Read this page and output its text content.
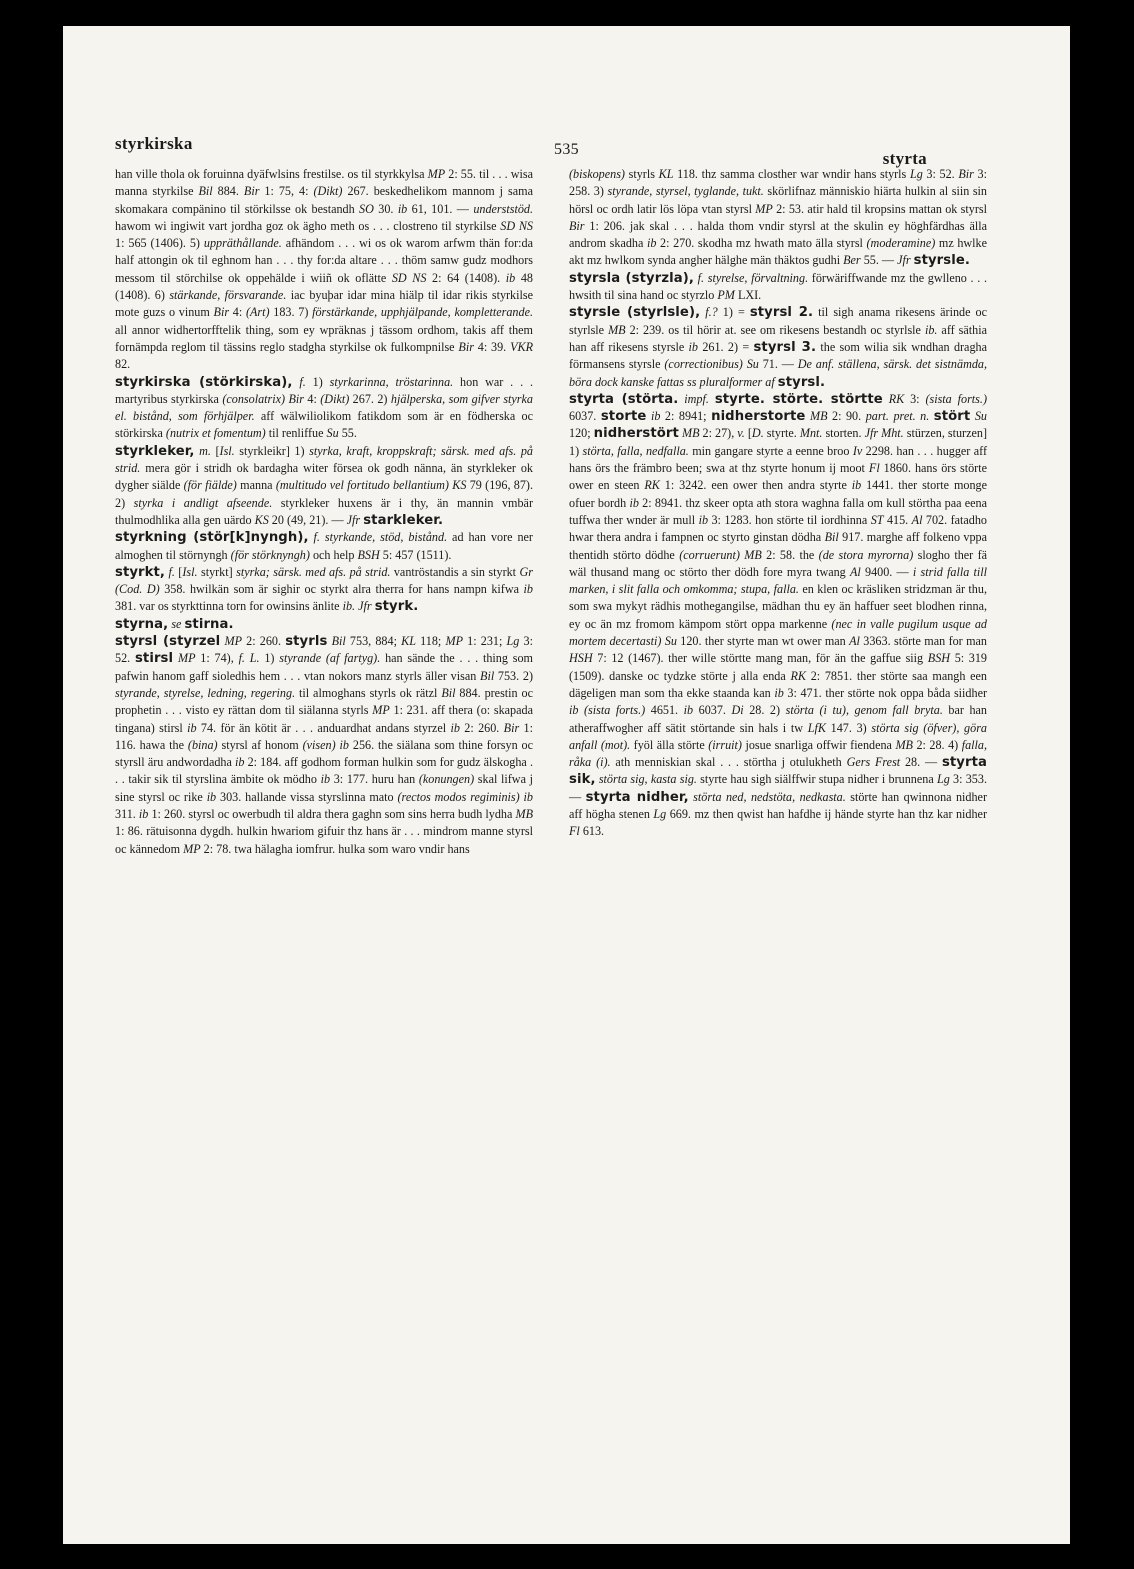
styrkirska	535	styrta

han ville thola ok foruinna dyäfwlsins frestilse. os til styrkkylsa MP 2: 55. til . . . wisa manna styrkilse Bil 884. Bir 1: 75, 4: (Dikt) 267. beskedhelikom mannom j sama skomakara compänino til störkilsse ok bestandh SO 30. ib 61, 101. — underststöd. hawom wi ingiwit vart jordha goz ok ägho meth os . . . clostreno til styrkilse SD NS 1: 565 (1406). 5) uppräthållande. afhändom . . . wi os ok warom arfwm thän for:da half attongin ok til eghnom han . . . thy for:da altare . . . thöm samw gudz modhors messom til störchilse ok oppehälde i wiiñ ok oflätte SD NS 2: 64 (1408). ib 48 (1408). 6) stärkande, försvarande. iac byuþar idar mina hiälp til idar rikis styrkilse mote guzs o vinum Bir 4: (Art) 183. 7) förstärkande, upphjälpande, kompletterande. all annor widhertorfftelik thing, som ey wpräknas j tässom ordhom, takis aff them fornämpda reglom til tässins reglo stadgha styrkilse ok fulkompnilse Bir 4: 39. VKR 82.

styrkirska (störkirska), f. 1) styrkarinna, tröstarinna. hon war . . . martyribus styrkirska (consolatrix) Bir 4: (Dikt) 267. 2) hjälperska, som gifver styrka el. bistånd, som förhjälper. aff wälwiliolikom fatikdom som är en födherska oc störkirska (nutrix et fomentum) til renliffue Su 55.

styrkleker, m. [Isl. styrkleikr] 1) styrka, kraft, kroppskraft; särsk. med afs. på strid. mera gör i stridh ok bardagha witer försea ok godh nänna, än styrkleker ok dygher siälde (för fiälde) manna (multitudo vel fortitudo bellantium) KS 79 (196, 87). 2) styrka i andligt afseende. styrkleker huxens är i thy, än mannin vmbär thulmodhlika alla gen uärdo KS 20 (49, 21). — Jfr starkleker.

styrkning (stör[k]nyngh), f. styrkande, stöd, bistånd. ad han vore ner almoghen til störnyngh (för störknyngh) och help BSH 5: 457 (1511).

styrkt, f. [Isl. styrkt] styrka; särsk. med afs. på strid. vantröstandis a sin styrkt Gr (Cod. D) 358. hwilkän som är sighir oc styrkt alra therra for hans nampn kifwa ib 381. var os styrkttinna torn for owinsins änlite ib. Jfr styrk.

styrna, se stirna.

styrsl (styrzel MP 2: 260. styrls Bil 753, 884; KL 118; MP 1: 231; Lg 3: 52. stirsl MP 1: 74), f. L. 1) styrande (af fartyg). han sände the . . . thing som pafwin hanom gaff sioledhis hem . . . vtan nokors manz styrls äller visan Bil 753. 2) styrande, styrelse, ledning, regering. til almoghans styrls ok rätzl Bil 884. prestin oc prophetin . . . visto ey rättan dom til siälanna styrls MP 1: 231. aff thera (o: skapada tingana) stirsl ib 74. för än kötit är . . . anduardhat andans styrzel ib 2: 260. Bir 1: 116. hawa the (bina) styrsl af honom (visen) ib 256. the siälana som thine forsyn oc styrsll äru andwordadha ib 2: 184. aff godhom forman hulkin som for gudz älskogha . . . takir sik til styrslina ämbite ok mödho ib 3: 177. huru han (konungen) skal lifwa j sine styrsl oc rike ib 303. hallande vissa styrslinna mato (rectos modos regiminis) ib 311. ib 1: 260. styrsl oc owerbudh til aldra thera gaghn som sins herra budh lydha MB 1: 86. rätuisonna dygdh. hulkin hwariom gifuir thz hans är . . . mindrom manne styrsl oc kännedom MP 2: 78. twa hälagha iomfrur. hulka som waro vndir hans

(biskopens) styrls KL 118. thz samma closther war wndir hans styrls Lg 3: 52. Bir 3: 258. 3) styrande, styrsel, tyglande, tukt. skörlifnaz människio hiärta hulkin al siin sin hörsl oc ordh latir lös löpa vtan styrsl MP 2: 53. atir hald til kropsins mattan ok styrsl Bir 1: 206. jak skal . . . halda thom vndir styrsl at the skulin ey höghfärdhas älla androm skadha ib 2: 270. skodha mz hwath mato älla styrsl (moderamine) mz hwlke akt mz hwlkom synda angher hälghe män thäktos gudhi Ber 55. — Jfr styrsle.

styrsla (styrzla), f. styrelse, förvaltning. förwäriffwande mz the gwlleno . . . hwsith til sina hand oc styrzlo PM LXI.

styrsle (styrlsle), f.? 1) = styrsl 2. til sigh anama rikesens ärinde oc styrlsle MB 2: 239. os til hörir at. see om rikesens bestandh oc styrlsle ib. aff säthia han aff rikesens styrsle ib 261. 2) = styrsl 3. the som wilia sik wndhan dragha förmansens styrsle (correctionibus) Su 71. — De anf. ställena, särsk. det sistnämda, böra dock kanske fattas ss pluralformer af styrsl.

styrta (störta. impf. styrte. störte. störtte RK 3: (sista forts.) 6037. storte ib 2: 8941; nidherstorte MB 2: 90. part. pret. n. stört Su 120; nidherstört MB 2: 27), v. [D. styrte. Mnt. storten. Jfr Mht. stürzen, sturzen] 1) störta, falla, nedfalla. min gangare styrte a eenne broo Iv 2298. han . . . hugger aff hans örs the främbro been; swa at thz styrte honum ij moot Fl 1860. hans örs störte ower en steen RK 1: 3242. een ower then andra styrte ib 1441. ther storte monge ofuer bordh ib 2: 8941. thz skeer opta ath stora waghna falla om kull störtha paa eena tuffwa ther wnder är mull ib 3: 1283. hon störte til iordhinna ST 415. Al 702. fatadho hwar thera andra i fampnen oc styrto ginstan dödha Bil 917. marghe aff folkeno vppa thentidh störto dödhe (corruerunt) MB 2: 58. the (de stora myrorna) slogho ther fä wäl thusand mang oc störto ther dödh fore myra twang Al 9400. — i strid falla till marken, i slit falla och omkomma; stupa, falla. en klen oc kräsliken stridzman är thu, som swa mykyt rädhis mothegangilse, mädhan thu ey än haffuer seet blodhen rinna, ey oc än mz fromom kämpom stört oppa markenne (nec in valle pugilum usque ad mortem decertasti) Su 120. ther styrte man wt ower man Al 3363. störte man for man HSH 7: 12 (1467). ther wille störtte mang man, för än the gaffue siig BSH 5: 319 (1509). danske oc tydzke störte j alla enda RK 2: 7851. ther störte saa mangh een dägeligen man som tha ekke staanda kan ib 3: 471. ther störte nok oppa båda siidher ib (sista forts.) 4651. ib 6037. Di 28. 2) störta (i tu), genom fall bryta. bar han atheraffwogher aff sätit störtande sin hals i tw LfK 147. 3) störta sig (öfver), göra anfall (mot). fyöl älla störte (irruit) josue snarliga offwir fiendena MB 2: 28. 4) falla, råka (i). ath menniskian skal . . . störtha j otulukheth Gers Frest 28. — styrta sik, störta sig, kasta sig. styrte hau sigh siälffwir stupa nidher i brunnena Lg 3: 353. — styrta nidher, störta ned, nedstöta, nedkasta. störte han qwinnona nidher aff högha stenen Lg 669. mz then qwist han hafdhe ij hände styrte han thz kar nidher Fl 613.
